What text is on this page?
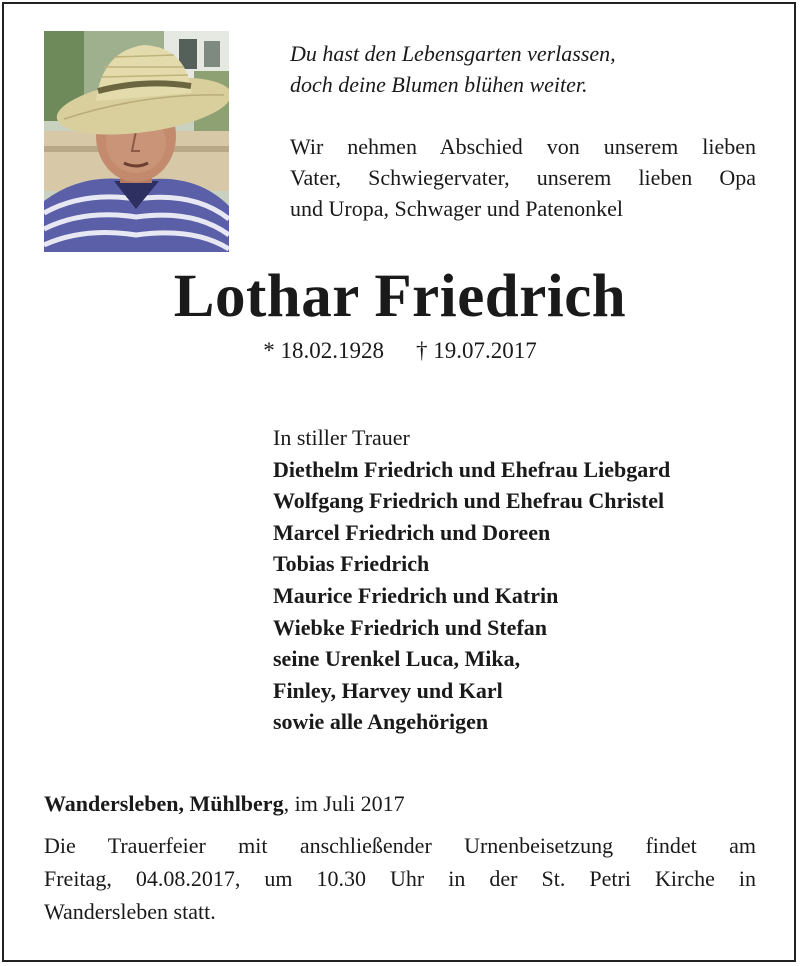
Du hast den Lebensgarten verlassen,
doch deine Blumen blühen weiter.
Wir nehmen Abschied von unserem lieben
Vater, Schwiegervater, unserem lieben Opa
und Uropa, Schwager und Patenonkel
Lothar Friedrich
* 18.02.1928 † 19.07.2017
In stiller Trauer
Diethelm Friedrich und Ehefrau Liebgard
Wolfgang Friedrich und Ehefrau Christel
Marcel Friedrich und Doreen
Tobias Friedrich
Maurice Friedrich und Katrin
Wiebke Friedrich und Stefan
seine Urenkel Luca, Mika,
Finley, Harvey und Karl
sowie alle Angehörigen
Wandersleben, Mühlberg, im Juli 2017
Die Trauerfeier mit anschließender Urnenbeisetzung findet am
Freitag, 04.08.2017, um 10.30 Uhr in der St. Petri Kirche in
Wandersleben statt.
